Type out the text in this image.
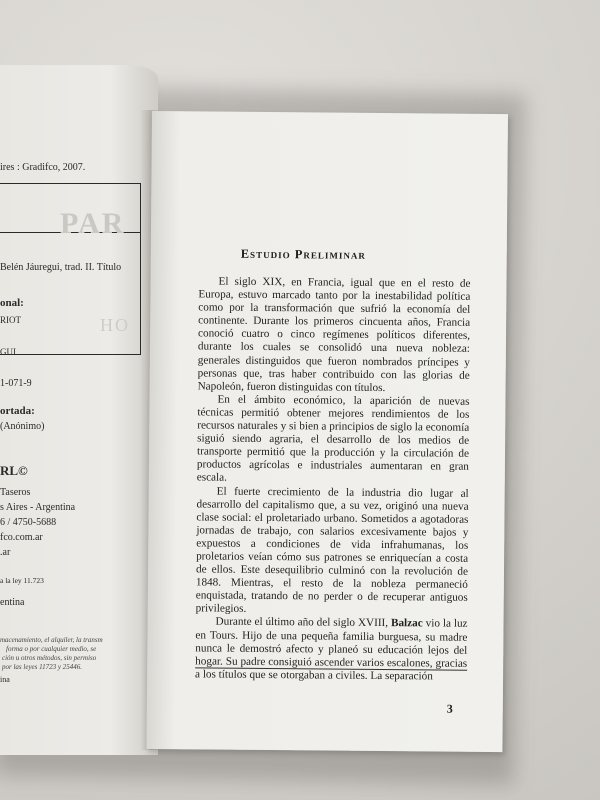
PAR
HO
ires : Gradifco, 2007.
Belén Jáuregui, trad. II. Título
onal:
RIOT
GUI
1-071-9
ortada:
(Anónimo)
RL©
Taseros
s Aires - Argentina
6 / 4750-5688
fco.com.ar
.ar
a la ley 11.723
entina
macenamiento, el alquiler, la transm
forma o por cualquier medio, se
ción u otros métodos, sin permiso
por las leyes 11723 y 25446.
ina
Estudio Preliminar

El siglo XIX, en Francia, igual que en el resto de Europa, estuvo marcado tanto por la inestabilidad política como por la transformación que sufrió la economía del continente. Durante los primeros cincuenta años, Francia conoció cuatro o cinco regímenes políticos diferentes, durante los cuales se consolidó una nueva nobleza: generales distinguidos que fueron nombrados príncipes y personas que, tras haber contribuido con las glorias de Napoleón, fueron distinguidas con títulos.

En el ámbito económico, la aparición de nuevas técnicas permitió obtener mejores rendimientos de los recursos naturales y si bien a principios de siglo la economía siguió siendo agraria, el desarrollo de los medios de transporte permitió que la producción y la circulación de productos agrícolas e industriales aumentaran en gran escala.

El fuerte crecimiento de la industria dio lugar al desarrollo del capitalismo que, a su vez, originó una nueva clase social: el proletariado urbano. Sometidos a agotadoras jornadas de trabajo, con salarios excesivamente bajos y expuestos a condiciones de vida infrahumanas, los proletarios veían cómo sus patrones se enriquecían a costa de ellos. Este desequilibrio culminó con la revolución de 1848. Mientras, el resto de la nobleza permaneció enquistada, tratando de no perder o de recuperar antiguos privilegios.

Durante el último año del siglo XVIII, Balzac vio la luz en Tours. Hijo de una pequeña familia burguesa, su madre nunca le demostró afecto y planeó su educación lejos del hogar. Su padre consiguió ascender varios escalones, gracias a los títulos que se otorgaban a civiles. La separación

3
